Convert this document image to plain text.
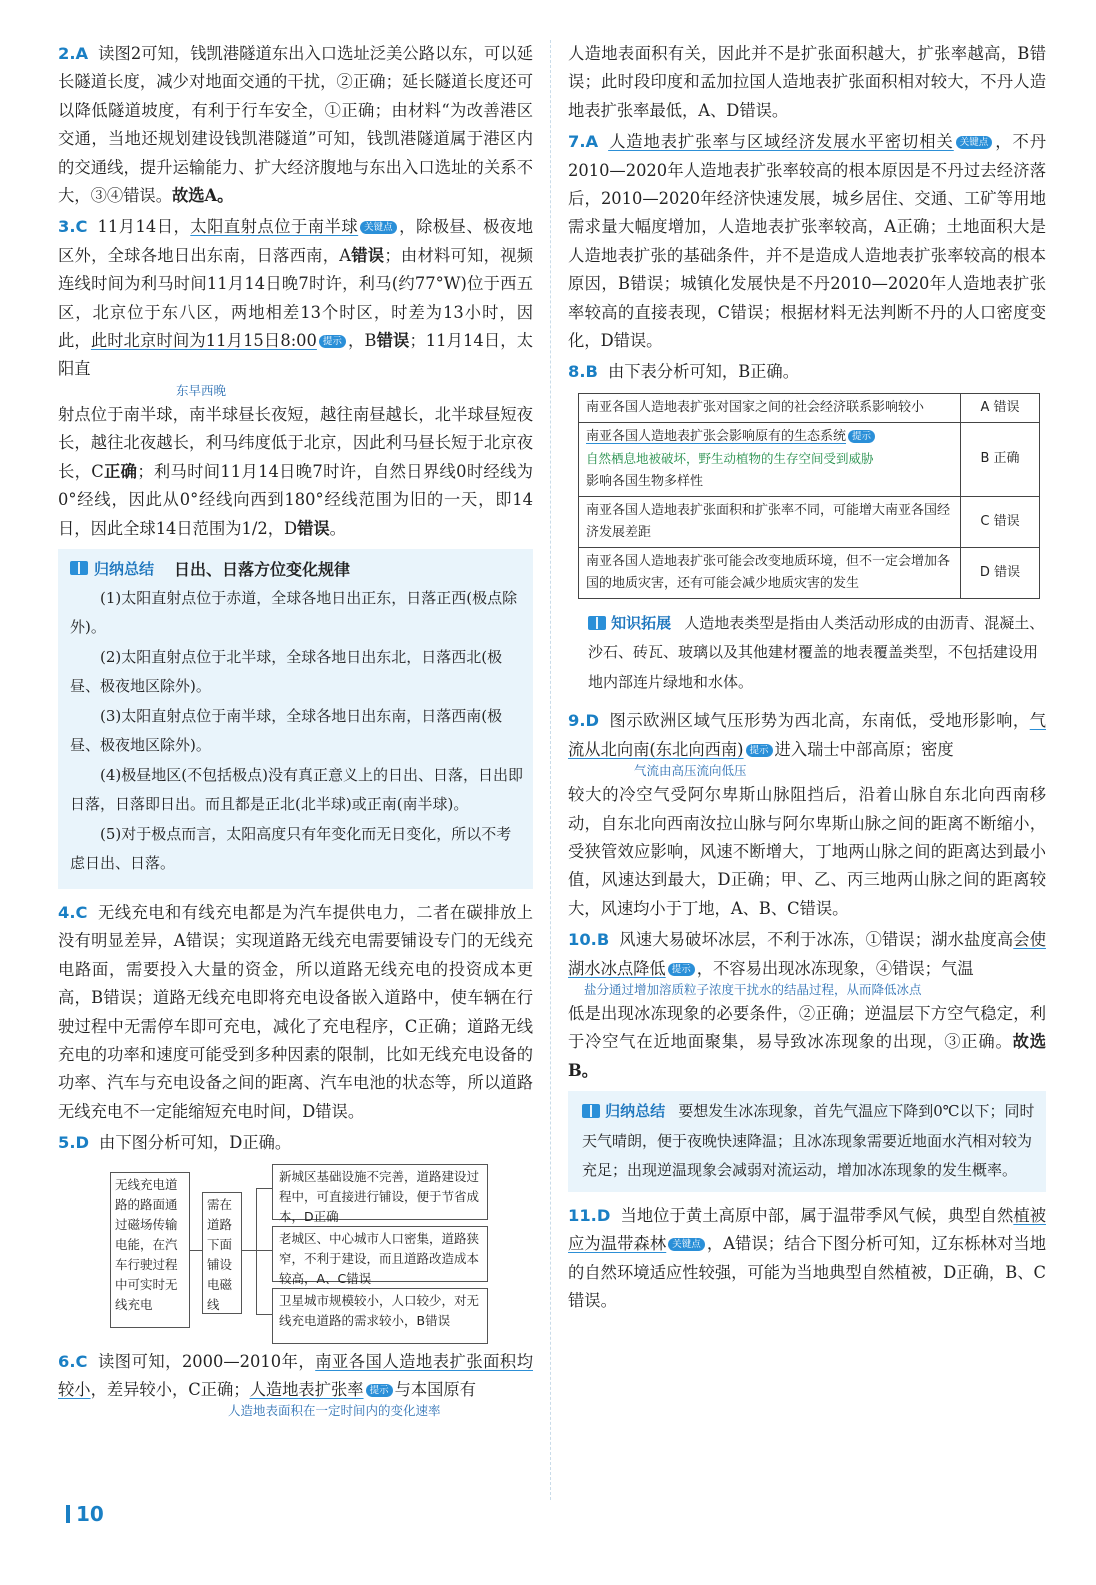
2.A 读图2可知，钱凯港隧道东出入口选址泛美公路以东，可以延长隧道长度，减少对地面交通的干扰，②正确；延长隧道长度还可以降低隧道坡度，有利于行车安全，①正确；由材料“为改善港区交通，当地还规划建设钱凯港隧道”可知，钱凯港隧道属于港区内的交通线，提升运输能力、扩大经济腹地与东出入口选址的关系不大，③④错误。故选A。

3.C 11月14日，太阳直射点位于南半球 关键点 ，除极昼、极夜地区外，全球各地日出东南，日落西南，A错误；由材料可知，视频连线时间为利马时间11月14日晚7时许，利马(约77°W)位于西五区，北京位于东八区，两地相差13个时区，时差为13小时，因此，此时北京时间为11月15日8:00 提示 ，B错误；11月14日，太阳直

东早西晚

射点位于南半球，南半球昼长夜短，越往南昼越长，北半球昼短夜长，越往北夜越长，利马纬度低于北京，因此利马昼长短于北京夜长，C正确；利马时间11月14日晚7时许，自然日界线0时经线为0°经线，因此从0°经线向西到180°经线范围为旧的一天，即14日，因此全球14日范围为1/2，D错误。

归纳总结 日出、日落方位变化规律

(1)太阳直射点位于赤道，全球各地日出正东，日落正西(极点除外)。

(2)太阳直射点位于北半球，全球各地日出东北，日落西北(极昼、极夜地区除外)。

(3)太阳直射点位于南半球，全球各地日出东南，日落西南(极昼、极夜地区除外)。

(4)极昼地区(不包括极点)没有真正意义上的日出、日落，日出即日落，日落即日出。而且都是正北(北半球)或正南(南半球)。

(5)对于极点而言，太阳高度只有年变化而无日变化，所以不考虑日出、日落。

4.C 无线充电和有线充电都是为汽车提供电力，二者在碳排放上没有明显差异，A错误；实现道路无线充电需要铺设专门的无线充电路面，需要投入大量的资金，所以道路无线充电的投资成本更高，B错误；道路无线充电即将充电设备嵌入道路中，使车辆在行驶过程中无需停车即可充电，减化了充电程序，C正确；道路无线充电的功率和速度可能受到多种因素的限制，比如无线充电设备的功率、汽车与充电设备之间的距离、汽车电池的状态等，所以道路无线充电不一定能缩短充电时间，D错误。

5.D 由下图分析可知，D正确。

无线充电道路的路面通过磁场传输电能，在汽车行驶过程中可实时无线充电
需在道路下面铺设电磁线
新城区基础设施不完善，道路建设过程中，可直接进行铺设，便于节省成本，D正确
老城区、中心城市人口密集，道路狭窄，不利于建设，而且道路改造成本较高，A、C错误
卫星城市规模较小，人口较少，对无线充电道路的需求较小，B错误

6.C 读图可知，2000—2010年，南亚各国人造地表扩张面积均较小，差异较小，C正确；人造地表扩张率 提示 与本国原有

人造地表面积在一定时间内的变化速率

人造地表面积有关，因此并不是扩张面积越大，扩张率越高，B错误；此时段印度和孟加拉国人造地表扩张面积相对较大，不丹人造地表扩张率最低，A、D错误。

7.A 人造地表扩张率与区域经济发展水平密切相关 关键点 ，不丹2010—2020年人造地表扩张率较高的根本原因是不丹过去经济落后，2010—2020年经济快速发展，城乡居住、交通、工矿等用地需求量大幅度增加，人造地表扩张率较高，A正确；土地面积大是人造地表扩张的基础条件，并不是造成人造地表扩张率较高的根本原因，B错误；城镇化发展快是不丹2010—2020年人造地表扩张率较高的直接表现，C错误；根据材料无法判断不丹的人口密度变化，D错误。

8.B 由下表分析可知，B正确。

南亚各国人造地表扩张对国家之间的社会经济联系影响较小	A 错误
南亚各国人造地表扩张会影响原有的生态系统 提示
自然栖息地被破坏，野生动植物的生存空间受到威胁
影响各国生物多样性	B 正确
南亚各国人造地表扩张面积和扩张率不同，可能增大南亚各国经济发展差距	C 错误
南亚各国人造地表扩张可能会改变地质环境，但不一定会增加各国的地质灾害，还有可能会减少地质灾害的发生	D 错误
知识拓展 人造地表类型是指由人类活动形成的由沥青、混凝土、沙石、砖瓦、玻璃以及其他建材覆盖的地表覆盖类型，不包括建设用地内部连片绿地和水体。

9.D 图示欧洲区域气压形势为西北高，东南低，受地形影响，气流从北向南(东北向西南) 提示 进入瑞士中部高原；密度

气流由高压流向低压

较大的冷空气受阿尔卑斯山脉阻挡后，沿着山脉自东北向西南移动，自东北向西南汝拉山脉与阿尔卑斯山脉之间的距离不断缩小，受狭管效应影响，风速不断增大，丁地两山脉之间的距离达到最小值，风速达到最大，D正确；甲、乙、丙三地两山脉之间的距离较大，风速均小于丁地，A、B、C错误。

10.B 风速大易破坏冰层，不利于冰冻，①错误；湖水盐度高会使湖水冰点降低 提示 ，不容易出现冰冻现象，④错误；气温

盐分通过增加溶质粒子浓度干扰水的结晶过程，从而降低冰点

低是出现冰冻现象的必要条件，②正确；逆温层下方空气稳定，利于冷空气在近地面聚集，易导致冰冻现象的出现，③正确。故选B。

归纳总结 要想发生冰冻现象，首先气温应下降到0℃以下；同时天气晴朗，便于夜晚快速降温；且冰冻现象需要近地面水汽相对较为充足；出现逆温现象会减弱对流运动，增加冰冻现象的发生概率。

11.D 当地位于黄土高原中部，属于温带季风气候，典型自然植被应为温带森林 关键点 ，A错误；结合下图分析可知，辽东栎林对当地的自然环境适应性较强，可能为当地典型自然植被，D正确，B、C错误。

10
